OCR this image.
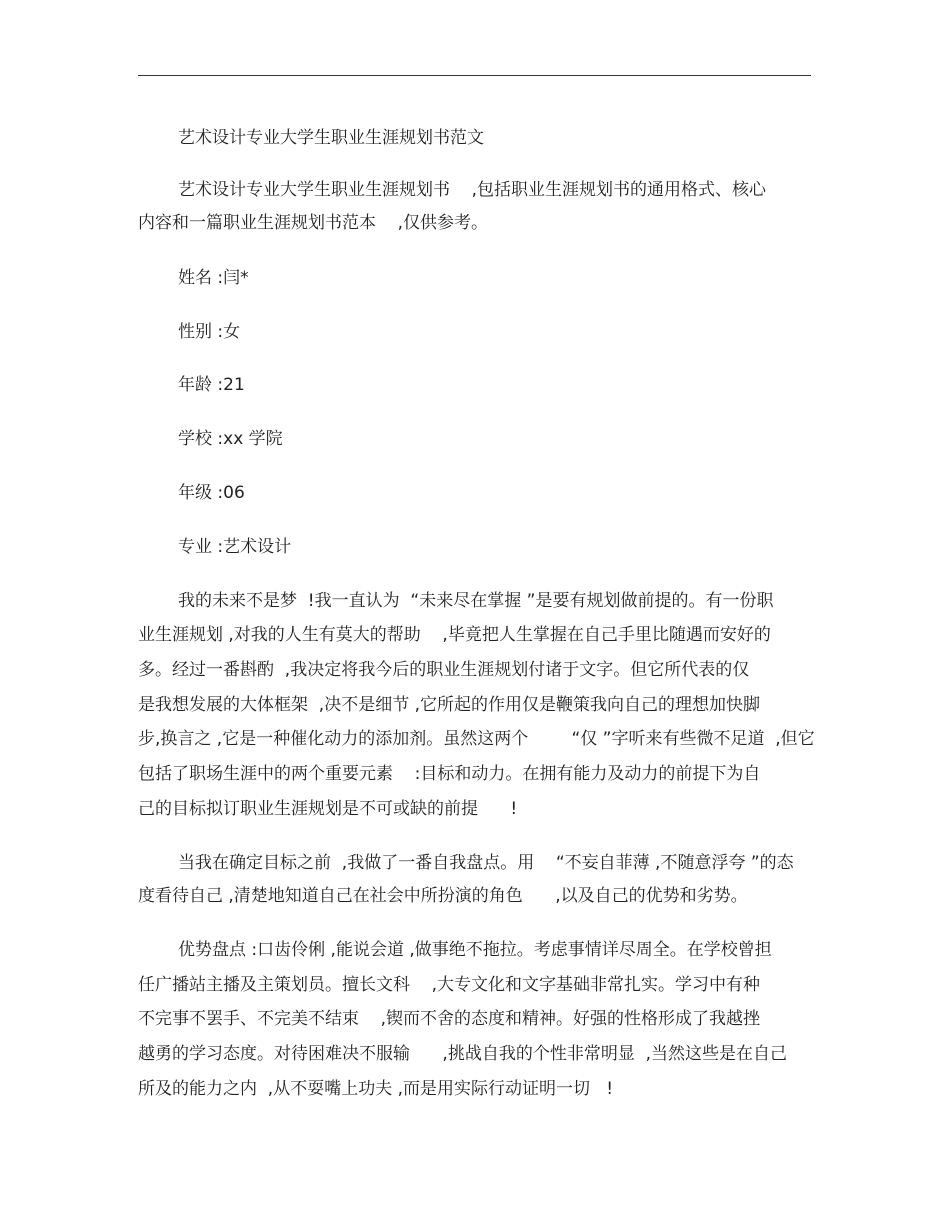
艺术设计专业大学生职业生涯规划书范文
艺术设计专业大学生职业生涯规划书    ,包括职业生涯规划书的通用格式、核心
内容和一篇职业生涯规划书范本    ,仅供参考。
姓名 :闫*
性别 :女
年龄 :21
学校 :xx 学院
年级 :06
专业 :艺术设计
我的未来不是梦  !我一直认为  “未来尽在掌握 ”是要有规划做前提的。有一份职
业生涯规划 ,对我的人生有莫大的帮助    ,毕竟把人生掌握在自己手里比随遇而安好的
多。经过一番斟酌  ,我决定将我今后的职业生涯规划付诸于文字。但它所代表的仅
是我想发展的大体框架  ,决不是细节 ,它所起的作用仅是鞭策我向自己的理想加快脚
步,换言之 ,它是一种催化动力的添加剂。虽然这两个        “仅 ”字听来有些微不足道  ,但它
包括了职场生涯中的两个重要元素    :目标和动力。在拥有能力及动力的前提下为自
己的目标拟订职业生涯规划是不可或缺的前提      !
当我在确定目标之前  ,我做了一番自我盘点。用    “不妄自菲薄 ,不随意浮夸 ”的态
度看待自己 ,清楚地知道自己在社会中所扮演的角色      ,以及自己的优势和劣势。
优势盘点 :口齿伶俐 ,能说会道 ,做事绝不拖拉。考虑事情详尽周全。在学校曾担
任广播站主播及主策划员。擅长文科    ,大专文化和文字基础非常扎实。学习中有种
不完事不罢手、不完美不结束    ,锲而不舍的态度和精神。好强的性格形成了我越挫
越勇的学习态度。对待困难决不服输      ,挑战自我的个性非常明显  ,当然这些是在自己
所及的能力之内  ,从不耍嘴上功夫 ,而是用实际行动证明一切   !
